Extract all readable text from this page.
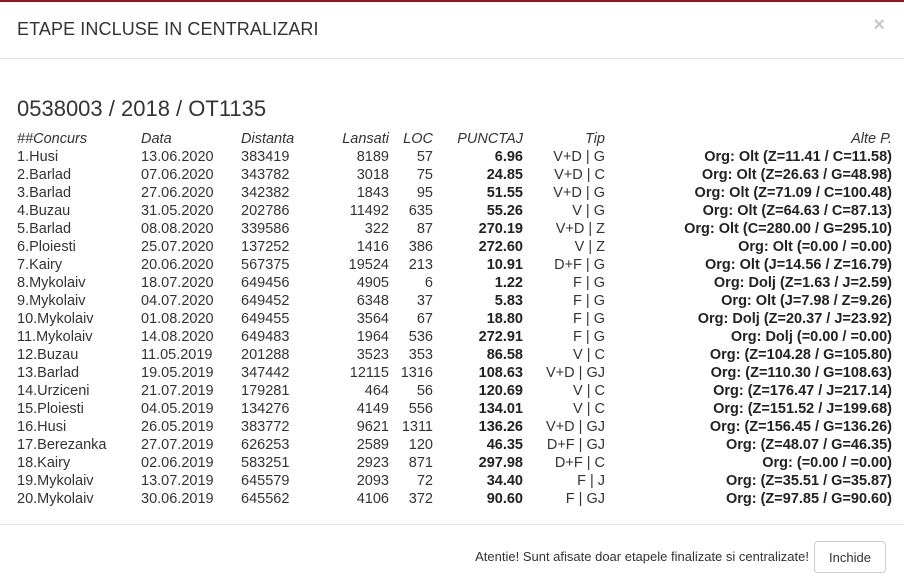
ETAPE INCLUSE IN CENTRALIZARI	×
0538003 / 2018 / OT1135
##Concurs	Data	Distanta	Lansati	LOC	PUNCTAJ	Tip	Alte P.
1.Husi	13.06.2020	383419	8189	57	6.96	V+D | G	Org: Olt (Z=11.41 / C=11.58)
2.Barlad	07.06.2020	343782	3018	75	24.85	V+D | C	Org: Olt (Z=26.63 / G=48.98)
3.Barlad	27.06.2020	342382	1843	95	51.55	V+D | G	Org: Olt (Z=71.09 / C=100.48)
4.Buzau	31.05.2020	202786	11492	635	55.26	V | G	Org: Olt (Z=64.63 / C=87.13)
5.Barlad	08.08.2020	339586	322	87	270.19	V+D | Z	Org: Olt (C=280.00 / G=295.10)
6.Ploiesti	25.07.2020	137252	1416	386	272.60	V | Z	Org: Olt (=0.00 / =0.00)
7.Kairy	20.06.2020	567375	19524	213	10.91	D+F | G	Org: Olt (J=14.56 / Z=16.79)
8.Mykolaiv	18.07.2020	649456	4905	6	1.22	F | G	Org: Dolj (Z=1.63 / J=2.59)
9.Mykolaiv	04.07.2020	649452	6348	37	5.83	F | G	Org: Olt (J=7.98 / Z=9.26)
10.Mykolaiv	01.08.2020	649455	3564	67	18.80	F | G	Org: Dolj (Z=20.37 / J=23.92)
11.Mykolaiv	14.08.2020	649483	1964	536	272.91	F | G	Org: Dolj (=0.00 / =0.00)
12.Buzau	11.05.2019	201288	3523	353	86.58	V | C	Org: (Z=104.28 / G=105.80)
13.Barlad	19.05.2019	347442	12115	1316	108.63	V+D | GJ	Org: (Z=110.30 / G=108.63)
14.Urziceni	21.07.2019	179281	464	56	120.69	V | C	Org: (Z=176.47 / J=217.14)
15.Ploiesti	04.05.2019	134276	4149	556	134.01	V | C	Org: (Z=151.52 / J=199.68)
16.Husi	26.05.2019	383772	9621	1311	136.26	V+D | GJ	Org: (Z=156.45 / G=136.26)
17.Berezanka	27.07.2019	626253	2589	120	46.35	D+F | GJ	Org: (Z=48.07 / G=46.35)
18.Kairy	02.06.2019	583251	2923	871	297.98	D+F | C	Org: (=0.00 / =0.00)
19.Mykolaiv	13.07.2019	645579	2093	72	34.40	F | J	Org: (Z=35.51 / G=35.87)
20.Mykolaiv	30.06.2019	645562	4106	372	90.60	F | GJ	Org: (Z=97.85 / G=90.60)
Atentie! Sunt afisate doar etapele finalizate si centralizate!	Inchide
